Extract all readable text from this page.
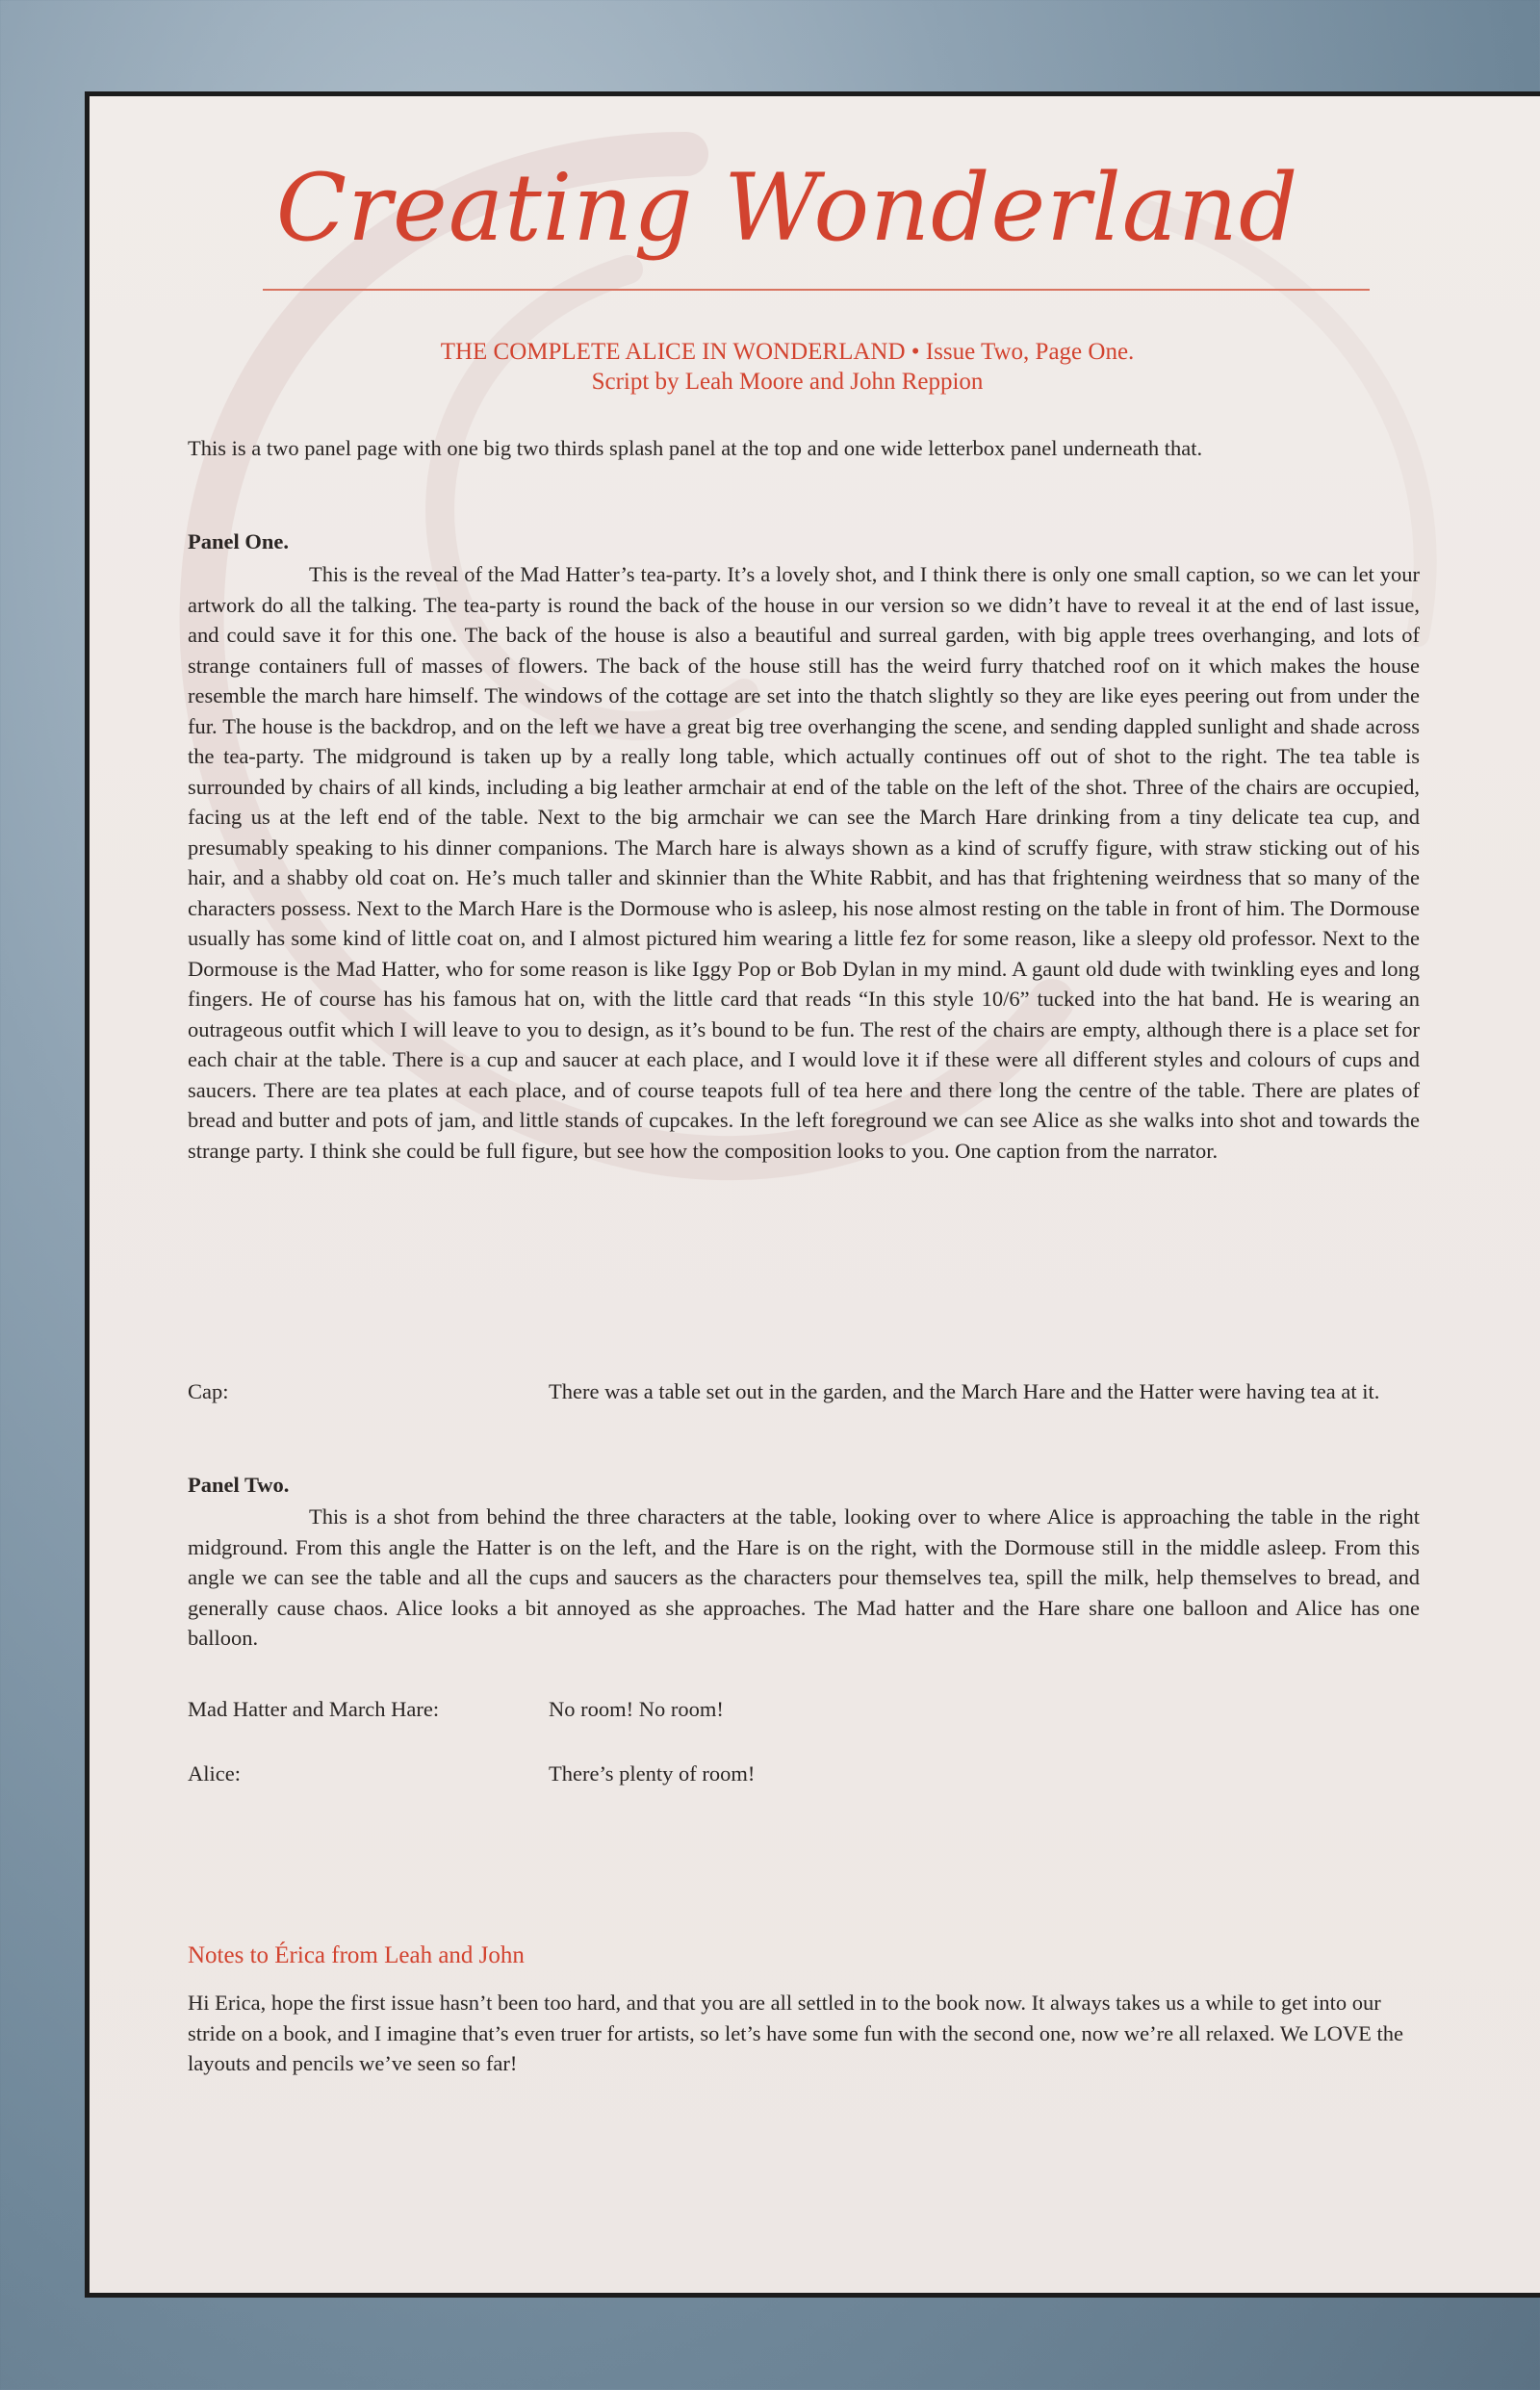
Creating Wonderland
THE COMPLETE ALICE IN WONDERLAND • Issue Two, Page One.
Script by Leah Moore and John Reppion
This is a two panel page with one big two thirds splash panel at the top and one wide letterbox panel underneath that.
Panel One.
This is the reveal of the Mad Hatter’s tea-party. It’s a lovely shot, and I think there is only one small caption, so we can let your artwork do all the talking. The tea-party is round the back of the house in our version so we didn’t have to reveal it at the end of last issue, and could save it for this one. The back of the house is also a beautiful and surreal garden, with big apple trees overhanging, and lots of strange containers full of masses of flowers. The back of the house still has the weird furry thatched roof on it which makes the house resemble the march hare himself. The windows of the cottage are set into the thatch slightly so they are like eyes peering out from under the fur. The house is the backdrop, and on the left we have a great big tree overhanging the scene, and sending dappled sunlight and shade across the tea-party. The midground is taken up by a really long table, which actually continues off out of shot to the right. The tea table is surrounded by chairs of all kinds, including a big leather armchair at end of the table on the left of the shot. Three of the chairs are occupied, facing us at the left end of the table. Next to the big armchair we can see the March Hare drinking from a tiny delicate tea cup, and presumably speaking to his dinner companions. The March hare is always shown as a kind of scruffy figure, with straw sticking out of his hair, and a shabby old coat on. He’s much taller and skinnier than the White Rabbit, and has that frightening weirdness that so many of the characters possess. Next to the March Hare is the Dormouse who is asleep, his nose almost resting on the table in front of him. The Dormouse usually has some kind of little coat on, and I almost pictured him wearing a little fez for some reason, like a sleepy old professor. Next to the Dormouse is the Mad Hatter, who for some reason is like Iggy Pop or Bob Dylan in my mind. A gaunt old dude with twinkling eyes and long fingers. He of course has his famous hat on, with the little card that reads “In this style 10/6” tucked into the hat band. He is wearing an outrageous outfit which I will leave to you to design, as it’s bound to be fun. The rest of the chairs are empty, although there is a place set for each chair at the table. There is a cup and saucer at each place, and I would love it if these were all different styles and colours of cups and saucers. There are tea plates at each place, and of course teapots full of tea here and there long the centre of the table. There are plates of bread and butter and pots of jam, and little stands of cupcakes. In the left foreground we can see Alice as she walks into shot and towards the strange party. I think she could be full figure, but see how the composition looks to you. One caption from the narrator.
Cap:	There was a table set out in the garden, and the March Hare and the Hatter were having tea at it.
Panel Two.
This is a shot from behind the three characters at the table, looking over to where Alice is approaching the table in the right midground. From this angle the Hatter is on the left, and the Hare is on the right, with the Dormouse still in the middle asleep. From this angle we can see the table and all the cups and saucers as the characters pour themselves tea, spill the milk, help themselves to bread, and generally cause chaos. Alice looks a bit annoyed as she approaches. The Mad hatter and the Hare share one balloon and Alice has one balloon.
Mad Hatter and March Hare:	No room! No room!
Alice:	There’s plenty of room!
Notes to Érica from Leah and John
Hi Erica, hope the first issue hasn’t been too hard, and that you are all settled in to the book now. It always takes us a while to get into our stride on a book, and I imagine that’s even truer for artists, so let’s have some fun with the second one, now we’re all relaxed. We LOVE the layouts and pencils we’ve seen so far!
